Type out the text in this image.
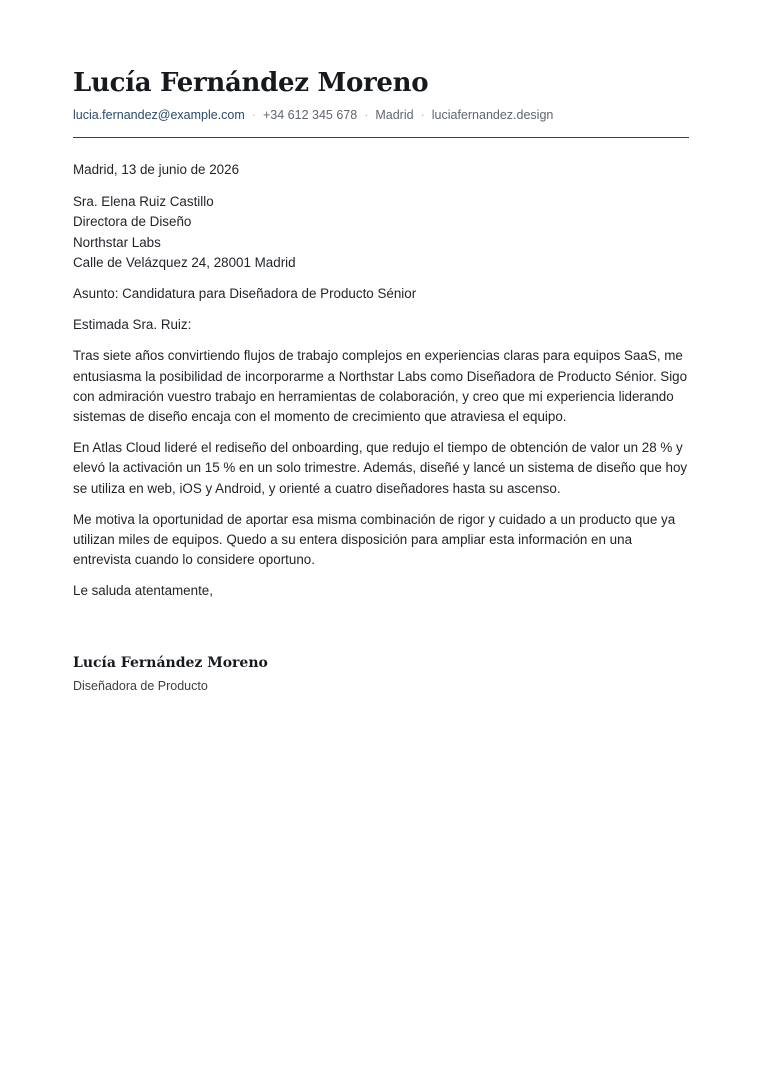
Lucía Fernández Moreno
lucia.fernandez@example.com · +34 612 345 678 · Madrid · luciafernandez.design

Madrid, 13 de junio de 2026

Sra. Elena Ruiz Castillo
Directora de Diseño
Northstar Labs
Calle de Velázquez 24, 28001 Madrid

Asunto: Candidatura para Diseñadora de Producto Sénior

Estimada Sra. Ruiz:

Tras siete años convirtiendo flujos de trabajo complejos en experiencias claras para equipos SaaS, me entusiasma la posibilidad de incorporarme a Northstar Labs como Diseñadora de Producto Sénior. Sigo con admiración vuestro trabajo en herramientas de colaboración, y creo que mi experiencia liderando sistemas de diseño encaja con el momento de crecimiento que atraviesa el equipo.

En Atlas Cloud lideré el rediseño del onboarding, que redujo el tiempo de obtención de valor un 28 % y elevó la activación un 15 % en un solo trimestre. Además, diseñé y lancé un sistema de diseño que hoy se utiliza en web, iOS y Android, y orienté a cuatro diseñadores hasta su ascenso.

Me motiva la oportunidad de aportar esa misma combinación de rigor y cuidado a un producto que ya utilizan miles de equipos. Quedo a su entera disposición para ampliar esta información en una entrevista cuando lo considere oportuno.

Le saluda atentamente,

Lucía Fernández Moreno

Diseñadora de Producto
